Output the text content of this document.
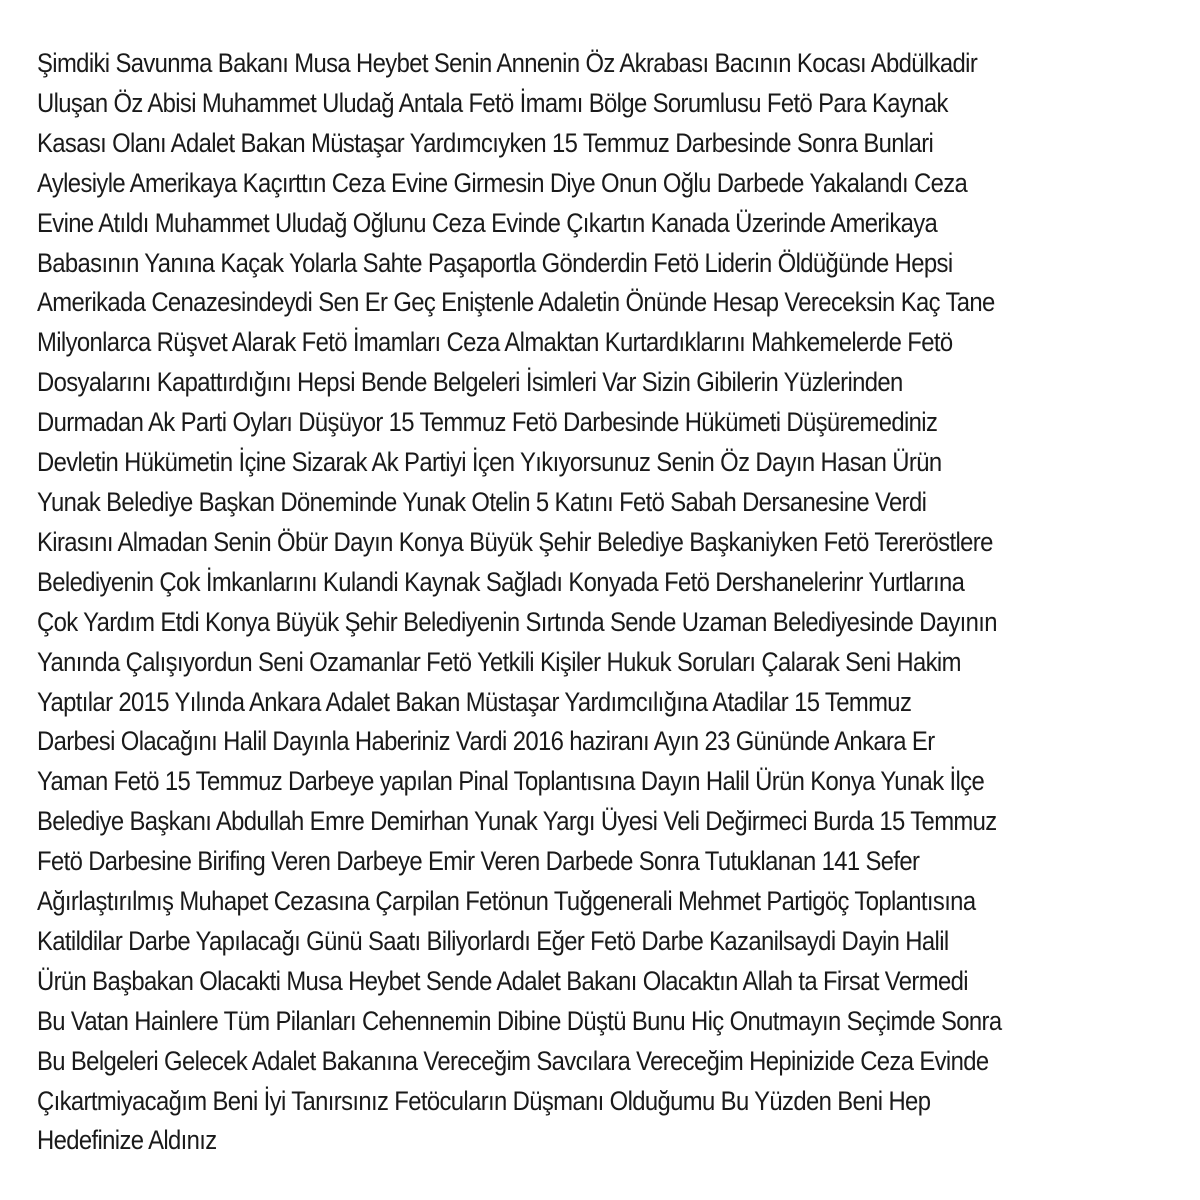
Şimdiki Savunma Bakanı Musa Heybet Senin Annenin Öz Akrabası Bacının Kocası Abdülkadir
Uluşan Öz Abisi Muhammet Uludağ Antala Fetö İmamı Bölge Sorumlusu Fetö Para Kaynak
Kasası Olanı Adalet Bakan Müstaşar Yardımcıyken 15 Temmuz Darbesinde Sonra Bunlari
Aylesiyle Amerikaya Kaçırttın Ceza Evine Girmesin Diye Onun Oğlu Darbede Yakalandı Ceza
Evine Atıldı Muhammet Uludağ Oğlunu Ceza Evinde Çıkartın Kanada Üzerinde Amerikaya
Babasının Yanına Kaçak Yolarla Sahte Paşaportla Gönderdin Fetö Liderin Öldüğünde Hepsi
Amerikada Cenazesindeydi Sen Er Geç Eniştenle Adaletin Önünde Hesap Vereceksin Kaç Tane
Milyonlarca Rüşvet Alarak Fetö İmamları Ceza Almaktan Kurtardıklarını Mahkemelerde Fetö
Dosyalarını Kapattırdığını Hepsi Bende Belgeleri İsimleri Var Sizin Gibilerin Yüzlerinden
Durmadan Ak Parti Oyları Düşüyor 15 Temmuz Fetö Darbesinde Hükümeti Düşüremediniz
Devletin Hükümetin İçine Sizarak Ak Partiyi İçen Yıkıyorsunuz Senin Öz Dayın Hasan Ürün
Yunak Belediye Başkan Döneminde Yunak Otelin 5 Katını Fetö Sabah Dersanesine Verdi
Kirasını Almadan Senin Öbür Dayın Konya Büyük Şehir Belediye Başkaniyken Fetö Tereröstlere
Belediyenin Çok İmkanlarını Kulandi Kaynak Sağladı Konyada Fetö Dershanelerinr Yurtlarına
Çok Yardım Etdi Konya Büyük Şehir Belediyenin Sırtında Sende Uzaman Belediyesinde Dayının
Yanında Çalışıyordun Seni Ozamanlar Fetö Yetkili Kişiler Hukuk Soruları Çalarak Seni Hakim
Yaptılar 2015 Yılında Ankara Adalet Bakan Müstaşar Yardımcılığına Atadilar 15 Temmuz
Darbesi Olacağını Halil Dayınla Haberiniz Vardi 2016 haziranı Ayın 23 Gününde Ankara Er
Yaman Fetö 15 Temmuz Darbeye yapılan Pinal Toplantısına Dayın Halil Ürün Konya Yunak İlçe
Belediye Başkanı Abdullah Emre Demirhan Yunak Yargı Üyesi Veli Değirmeci Burda 15 Temmuz
Fetö Darbesine Birifing Veren Darbeye Emir Veren Darbede Sonra Tutuklanan 141 Sefer
Ağırlaştırılmış Muhapet Cezasına Çarpilan Fetönun Tuğgenerali Mehmet Partigöç Toplantısına
Katildilar Darbe Yapılacağı Günü Saatı Biliyorlardı Eğer Fetö Darbe Kazanilsaydi Dayin Halil
Ürün Başbakan Olacakti Musa Heybet Sende Adalet Bakanı Olacaktın Allah ta Firsat Vermedi
Bu Vatan Hainlere Tüm Pilanları Cehennemin Dibine Düştü Bunu Hiç Onutmayın Seçimde Sonra
Bu Belgeleri Gelecek Adalet Bakanına Vereceğim Savcılara Vereceğim Hepinizide Ceza Evinde
Çıkartmiyacağım Beni İyi Tanırsınız Fetöcuların Düşmanı Olduğumu Bu Yüzden Beni Hep
Hedefinize Aldınız
